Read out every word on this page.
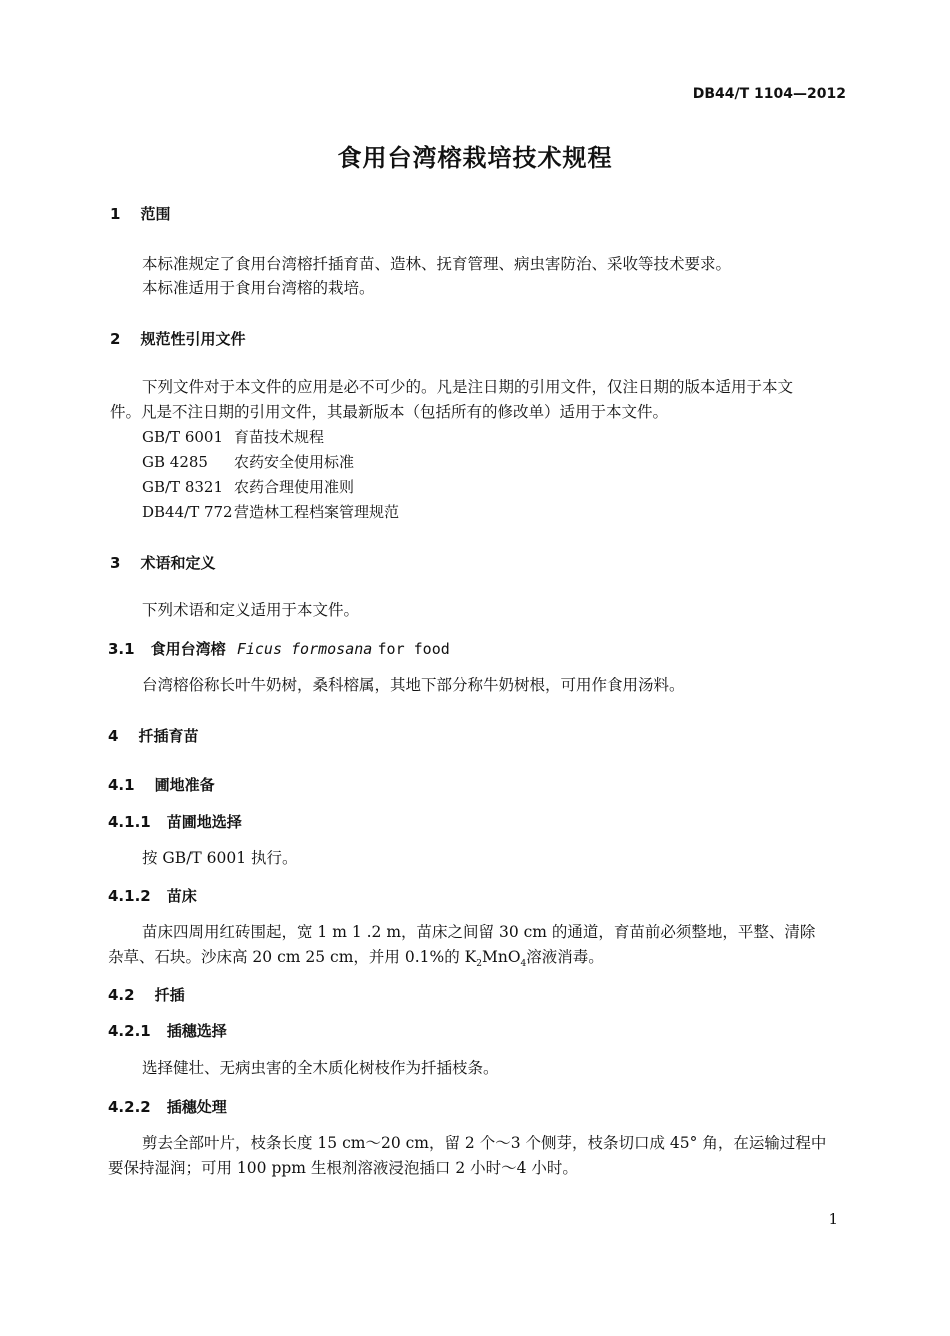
DB44/T 1104—2012
食用台湾榕栽培技术规程
1 范围
本标准规定了食用台湾榕扦插育苗、造林、抚育管理、病虫害防治、采收等技术要求。
本标准适用于食用台湾榕的栽培。
2 规范性引用文件
下列文件对于本文件的应用是必不可少的。凡是注日期的引用文件，仅注日期的版本适用于本文
件。凡是不注日期的引用文件，其最新版本（包括所有的修改单）适用于本文件。
GB/T 6001	育苗技术规程
GB 4285	农药安全使用标准
GB/T 8321	农药合理使用准则
DB44/T 772	营造林工程档案管理规范
3 术语和定义
下列术语和定义适用于本文件。
3.1 食用台湾榕 Ficus formosana for food
台湾榕俗称长叶牛奶树，桑科榕属，其地下部分称牛奶树根，可用作食用汤料。
4 扦插育苗
4.1 圃地准备
4.1.1 苗圃地选择
按 GB/T 6001 执行。
4.1.2 苗床
苗床四周用红砖围起，宽 1 m 1 .2 m，苗床之间留 30 cm 的通道，育苗前必须整地，平整、清除
杂草、石块。沙床高 20 cm 25 cm，并用 0.1%的 $K_2MnO_4$溶液消毒。
4.2 扦插
4.2.1 插穗选择
选择健壮、无病虫害的全木质化树枝作为扦插枝条。
4.2.2 插穗处理
剪去全部叶片，枝条长度 15 cm～20 cm，留 2 个～3 个侧芽，枝条切口成 45° 角，在运输过程中
要保持湿润；可用 100 ppm 生根剂溶液浸泡插口 2 小时～4 小时。
1
